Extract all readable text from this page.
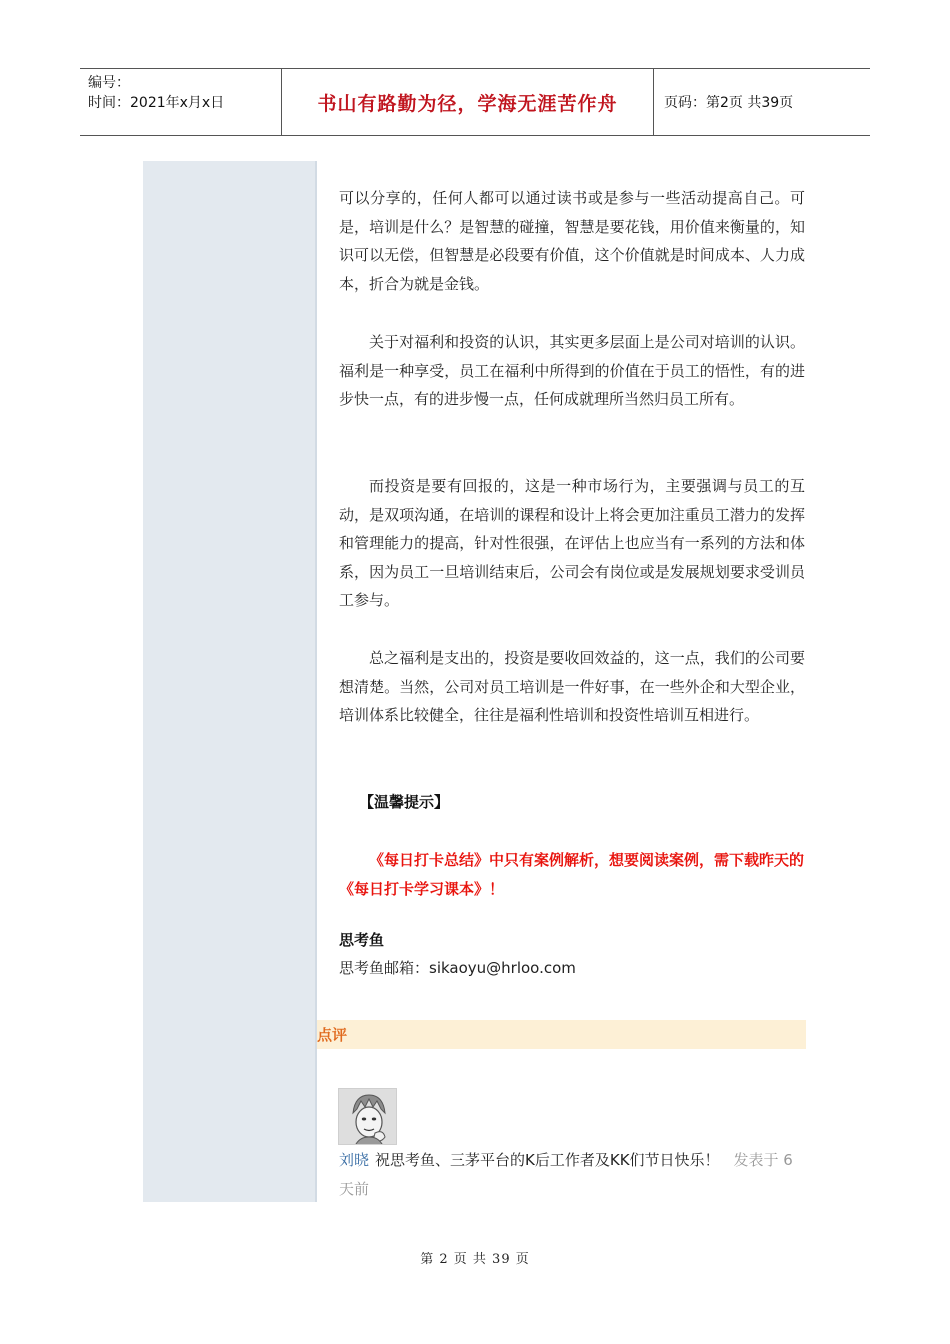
编号：
时间：2021年x月x日	书山有路勤为径，学海无涯苦作舟	页码：第2页 共39页

可以分享的，任何人都可以通过读书或是参与一些活动提高自己。可是，培训是什么？是智慧的碰撞，智慧是要花钱，用价值来衡量的，知识可以无偿，但智慧是必段要有价值，这个价值就是时间成本、人力成本，折合为就是金钱。

关于对福利和投资的认识，其实更多层面上是公司对培训的认识。福利是一种享受，员工在福利中所得到的价值在于员工的悟性，有的进步快一点，有的进步慢一点，任何成就理所当然归员工所有。

而投资是要有回报的，这是一种市场行为，主要强调与员工的互动，是双项沟通，在培训的课程和设计上将会更加注重员工潜力的发挥和管理能力的提高，针对性很强，在评估上也应当有一系列的方法和体系，因为员工一旦培训结束后，公司会有岗位或是发展规划要求受训员工参与。

总之福利是支出的，投资是要收回效益的，这一点，我们的公司要想清楚。当然，公司对员工培训是一件好事，在一些外企和大型企业，培训体系比较健全，往往是福利性培训和投资性培训互相进行。

【温馨提示】
《每日打卡总结》中只有案例解析，想要阅读案例，需下载昨天的《每日打卡学习课本》！
思考鱼
思考鱼邮箱：sikaoyu@hrloo.com
点评
刘晓 祝思考鱼、三茅平台的K后工作者及KK们节日快乐！ 发表于 6 天前
第 2 页 共 39 页
